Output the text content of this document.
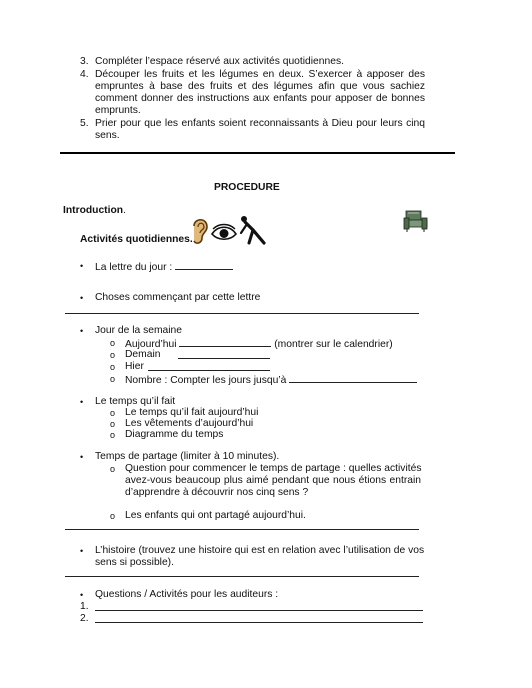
3. Compléter l’espace réservé aux activités quotidiennes.
4. Découper les fruits et les légumes en deux. S’exercer à apposer des
empruntes à base des fruits et des légumes afin que vous sachiez
comment donner des instructions aux enfants pour apposer de bonnes
emprunts.
5. Prier pour que les enfants soient reconnaissants à Dieu pour leurs cinq
sens.
PROCEDURE
Introduction.
Activités quotidiennes.
• La lettre du jour :
• Choses commençant par cette lettre
• Jour de la semaine
o Aujourd’hui	(montrer sur le calendrier)
o Demain
o Hier
o Nombre : Compter les jours jusqu’à
• Le temps qu’il fait
o Le temps qu’il fait aujourd’hui
o Les vêtements d’aujourd’hui
o Diagramme du temps
• Temps de partage (limiter à 10 minutes).
o Question pour commencer le temps de partage : quelles activités
avez-vous beaucoup plus aimé pendant que nous étions entrain
d’apprendre à découvrir nos cinq sens ?
o Les enfants qui ont partagé aujourd’hui.
• L’histoire (trouvez une histoire qui est en relation avec l’utilisation de vos
sens si possible).
• Questions / Activités pour les auditeurs :
1.
2.
